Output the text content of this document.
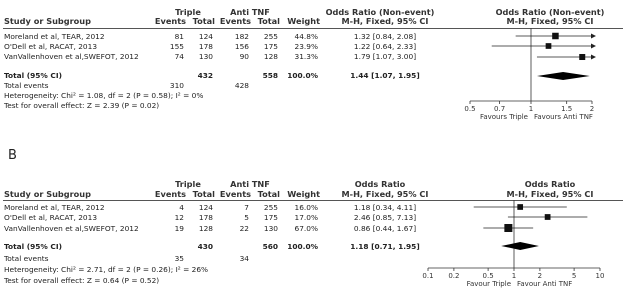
Triple	Anti TNF	Odds Ratio (Non-event)	Odds Ratio (Non-event)
Study or Subgroup	Events Total Events Total Weight	M-H, Fixed, 95% CI	M-H, Fixed, 95% CI
Moreland et al, TEAR, 2012	81	124	182	255	44.8%	1.32 [0.84, 2.08]
O'Dell et al, RACAT, 2013	155	178	156	175	23.9%	1.22 [0.64, 2.33]
VanVallenhoven et al,SWEFOT, 2012	74	130	90	128	31.3%	1.79 [1.07, 3.00]
Total (95% CI)	432	558	100.0%	1.44 [1.07, 1.95]
Total events	310	428
Heterogeneity: Chi² = 1.08, df = 2 (P = 0.58); I² = 0%
Test for overall effect: Z = 2.39 (P = 0.02)	0.5	0.7	1	1.5	2
Favours Triple Favours Anti TNF
B
Triple	Anti TNF	Odds Ratio	Odds Ratio
Study or Subgroup	Events Total Events Total Weight	M-H, Fixed, 95% CI	M-H, Fixed, 95% CI
Moreland et al, TEAR, 2012	4	124	7	255	16.0%	1.18 [0.34, 4.11]
O'Dell et al, RACAT, 2013	12	178	5	175	17.0%	2.46 [0.85, 7.13]
VanVallenhoven et al,SWEFOT, 2012	19	128	22	130	67.0%	0.86 [0.44, 1.67]
Total (95% CI)	430	560	100.0%	1.18 [0.71, 1.95]
Total events	35	34
Heterogeneity: Chi² = 2.71, df = 2 (P = 0.26); I² = 26%
Test for overall effect: Z = 0.64 (P = 0.52)	0.1 0.2	0.5	1	2	5	10
Favour Triple Favour Anti TNF
